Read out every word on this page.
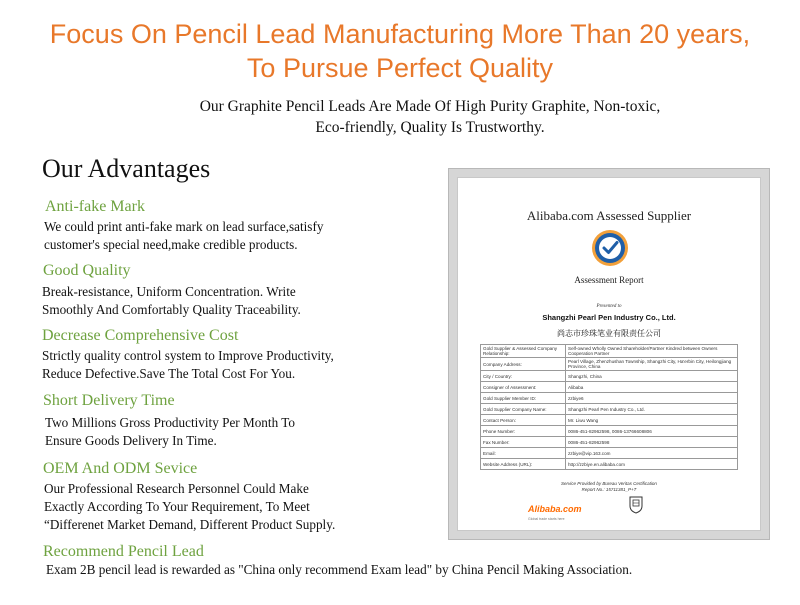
Focus On Pencil Lead Manufacturing More Than 20 years,
To Pursue Perfect Quality
Our Graphite Pencil Leads Are Made Of High Purity Graphite, Non-toxic,
Eco-friendly, Quality Is Trustworthy.
Our Advantages
Anti-fake Mark
We could print anti-fake mark on lead surface,satisfy
customer's special need,make credible products.
Good Quality
Break-resistance, Uniform Concentration. Write
Smoothly And Comfortably Quality Traceability.
Decrease Comprehensive Cost
Strictly quality control system to Improve Productivity,
Reduce Defective.Save The Total Cost For You.
Short Delivery Time
Two Millions Gross Productivity Per Month To
Ensure Goods Delivery In Time.
OEM And ODM Sevice
Our Professional Research Personnel Could Make
Exactly According To Your Requirement, To Meet
“Differenet Market Demand, Different Product Supply.
Recommend Pencil Lead
Exam 2B pencil lead is rewarded as "China only recommend Exam lead" by China Pencil Making Association.
Alibaba.com Assessed Supplier
Assessment Report
Presented to
Shangzhi Pearl Pen Industry Co., Ltd.
尚志市珍珠笔业有限责任公司
Gold Supplier & Assessed Company Relationship:	Self-owned Wholly Owned Shareholder/Partner Kindred between Owners Cooperation Partner
Company Address:	Pearl Village, Zhenzhushan Township, Shangzhi City, Ha'erbin City, Heilongjiang Province, China
City / Country:	Shangzhi, China
Consigner of Assessment:	Alibaba
Gold Supplier Member ID:	zzbiye6
Gold Supplier Company Name:	Shangzhi Pearl Pen Industry Co., Ltd.
Contact Person:	Mr. Liwu Wang
Phone Number:	0086-451-82962598, 0086-13766608806
Fax Number:	0086-451-82962598
Email:	zzbiye@vip.163.com
Website Address (URL):	http://zzbiye.en.alibaba.com
Service Provided by Bureau Veritas Certification
Report No.: 15711381_P+T
Alibaba.com
Global trade starts here
